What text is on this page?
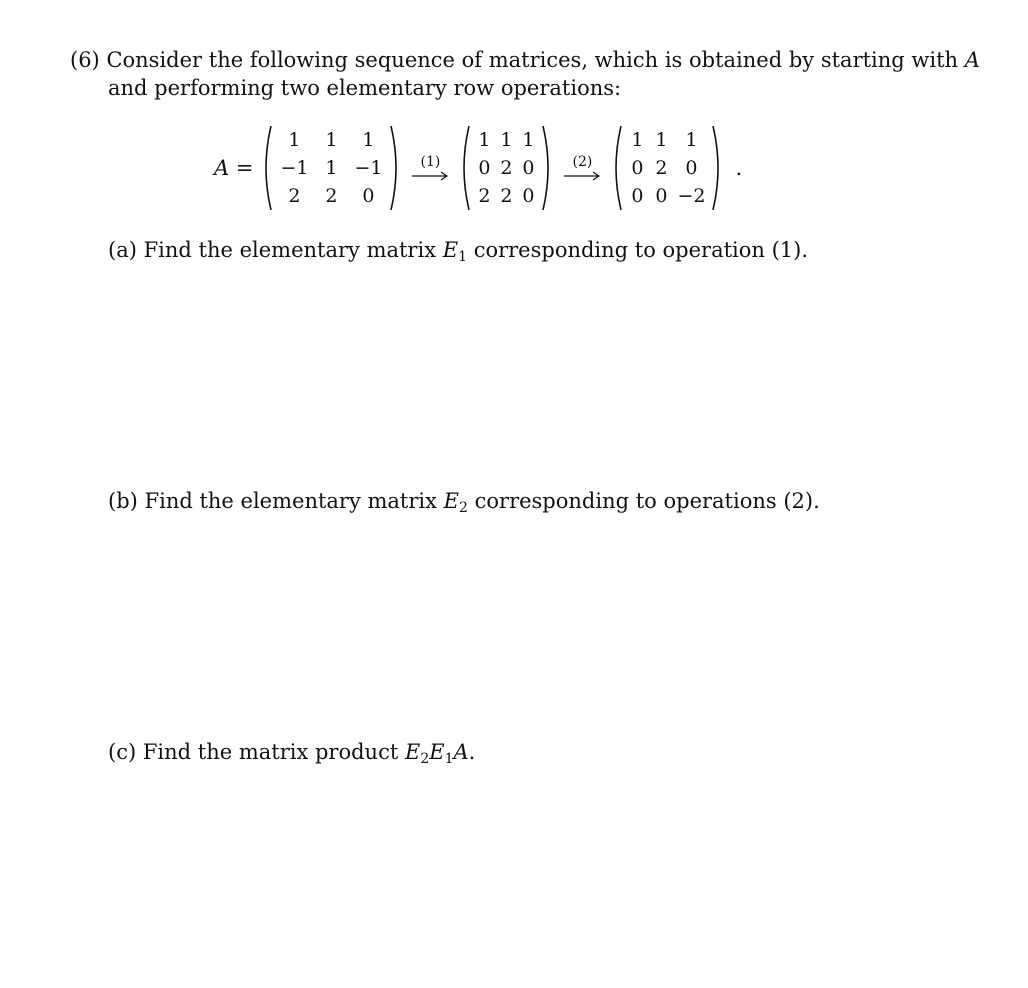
(6) Consider the following sequence of matrices, which is obtained by starting with A
and performing two elementary row operations:
A =
1	1	1
−1 1 −1
2	2	0
(1)
1 1 1
0 2 0
2 2 0
(2)
1 1 1
0 2 0
0 0 −2
.
(a) Find the elementary matrix $E_1$ corresponding to operation (1).
(b) Find the elementary matrix $E_2$ corresponding to operations (2).
(c) Find the matrix product $E_2E_1A$.
